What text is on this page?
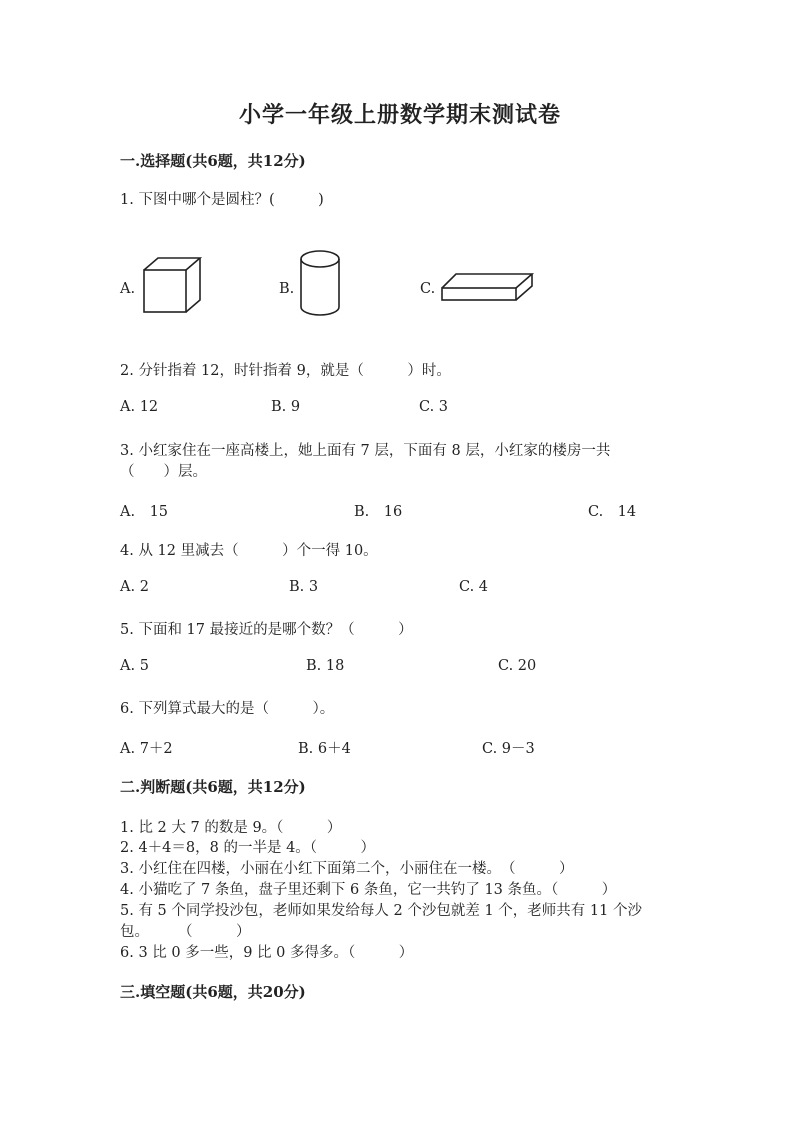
小学一年级上册数学期末测试卷
一.选择题(共6题，共12分)
1. 下图中哪个是圆柱？(　　　)
A.	B.	C.
2. 分针指着 12，时针指着 9，就是（　　　）时。
A. 12	B. 9	C. 3
3. 小红家住在一座高楼上，她上面有 7 层，下面有 8 层，小红家的楼房一共
（　　）层。
A.　15	B.　16	C.　14
4. 从 12 里减去（　　　）个一得 10。
A. 2	B. 3	C. 4
5. 下面和 17 最接近的是哪个数？（　　　）
A. 5	B. 18	C. 20
6. 下列算式最大的是（　　　）。
A. 7＋2	B. 6＋4	C. 9－3
二.判断题(共6题，共12分)
1. 比 2 大 7 的数是 9。（　　　）
2. 4＋4＝8，8 的一半是 4。（　　　）
3. 小红住在四楼，小丽在小红下面第二个，小丽住在一楼。　（　　　）
4. 小猫吃了 7 条鱼，盘子里还剩下 6 条鱼，它一共钓了 13 条鱼。（　　　）
5. 有 5 个同学投沙包，老师如果发给每人 2 个沙包就差 1 个，老师共有 11 个沙
包。　　　（　　　）
6. 3 比 0 多一些，9 比 0 多得多。（　　　）
三.填空题(共6题，共20分)
